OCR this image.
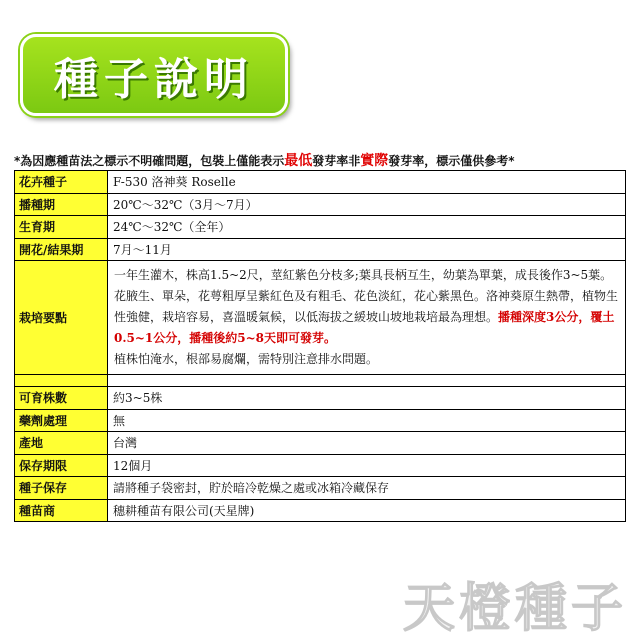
種子說明
*為因應種苗法之標示不明確問題，包裝上僅能表示最低發芽率非實際發芽率，標示僅供參考*
花卉種子	F-530 洛神葵 Roselle
播種期	20℃～32℃（3月～7月）
生育期	24℃～32℃（全年）
開花/結果期	7月～11月
栽培要點	一年生灌木，株高1.5~2尺，莖紅紫色分枝多;葉具長柄互生，幼葉為單葉，成長後作3~5葉。花腋生、單朵，花萼粗厚呈紫紅色及有粗毛、花色淡紅，花心紫黑色。洛神葵原生熱帶，植物生性強健，栽培容易，喜溫暖氣候，以低海拔之緩坡山坡地栽培最為理想。播種深度3公分，覆土0.5~1公分，播種後約5~8天即可發芽。
植株怕淹水，根部易腐爛，需特別注意排水問題。

可育株數	約3~5株
藥劑處理	無
產地	台灣
保存期限	12個月
種子保存	請將種子袋密封，貯於暗冷乾燥之處或冰箱冷藏保存
種苗商	穗耕種苗有限公司(天星牌)
天橙種子
